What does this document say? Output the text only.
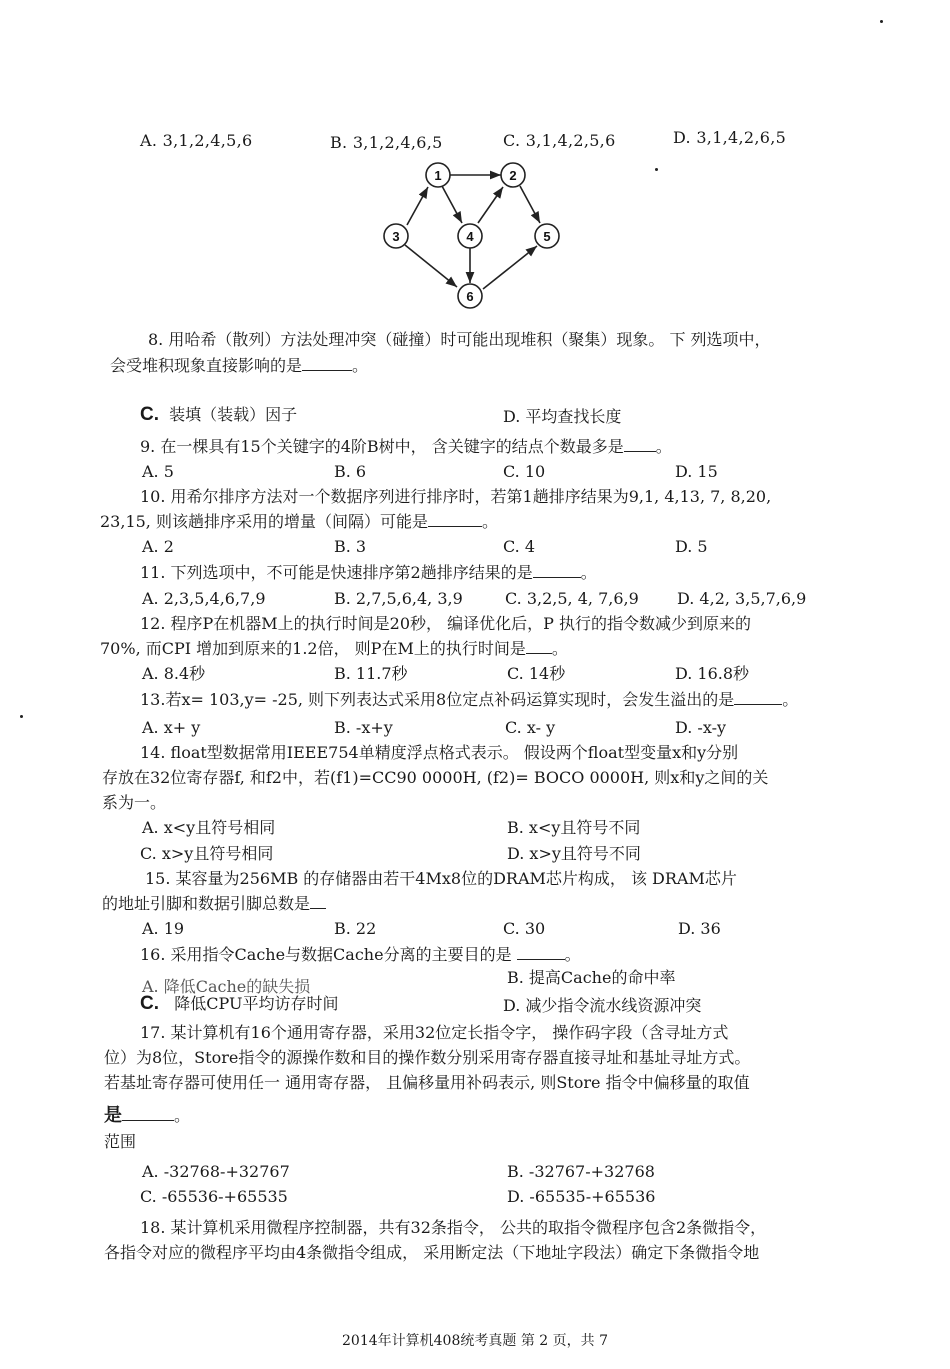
A. 3,1,2,4,5,6	B. 3,1,2,4,6,5	C. 3,1,4,2,5,6	D. 3,1,4,2,6,5
1	2
3	4	5
6
8. 用哈希（散列）方法处理冲突（碰撞）时可能出现堆积（聚集）现象。 下 列选项中，
会受堆积现象直接影响的是	。
C. 装填（装载）因子	D. 平均查找长度
9. 在一棵具有15个关键字的4阶B树中， 含关键字的结点个数最多是 。
A. 5	B. 6	C. 10	D. 15
10. 用希尔排序方法对一个数据序列进行排序时，若第1趟排序结果为9,1, 4,13, 7, 8,20,
23,15, 则该趟排序采用的增量（间隔）可能是	。
A. 2	B. 3	C. 4	D. 5
11. 下列选项中，不可能是快速排序第2趟排序结果的是	。
A. 2,3,5,4,6,7,9	B. 2,7,5,6,4, 3,9	C. 3,2,5, 4, 7,6,9 D. 4,2, 3,5,7,6,9
12. 程序P在机器M上的执行时间是20秒， 编译优化后，P 执行的指令数减少到原来的
70%, 而CPI 增加到原来的1.2倍， 则P在M上的执行时间是 。
A. 8.4秒	B. 11.7秒	C. 14秒	D. 16.8秒
13.若x= 103,y= -25, 则下列表达式采用8位定点补码运算实现时，会发生溢出的是	。
A. x+ y	B. -x+y	C. x- y	D. -x-y
14. float型数据常用IEEE754单精度浮点格式表示。 假设两个float型变量x和y分别
存放在32位寄存器f, 和f2中，若(f1)=CC90 0000H, (f2)= BOCO 0000H, 则x和y之间的关
系为一。
A. x<y且符号相同	B. x<y且符号不同
C. x>y且符号相同	D. x>y且符号不同
15. 某容量为256MB 的存储器由若干4Mx8位的DRAM芯片构成， 该 DRAM芯片
的地址引脚和数据引脚总数是
A. 19	B. 22	C. 30	D. 36
16. 采用指令Cache与数据Cache分离的主要目的是	。
A. 降低Cache的缺失损	B. 提高Cache的命中率
C. 降低CPU平均访存时间	D. 减少指令流水线资源冲突
17. 某计算机有16个通用寄存器，采用32位定长指令字， 操作码字段（含寻址方式
位）为8位，Store指令的源操作数和目的操作数分别采用寄存器直接寻址和基址寻址方式。
若基址寄存器可使用任一 通用寄存器， 且偏移量用补码表示, 则Store 指令中偏移量的取值
是	。
范围
A. -32768-+32767	B. -32767-+32768
C. -65536-+65535	D. -65535-+65536
18. 某计算机采用微程序控制器，共有32条指令， 公共的取指令微程序包含2条微指令，
各指令对应的微程序平均由4条微指令组成， 采用断定法（下地址字段法）确定下条微指令地
2014年计算机408统考真题 第 2 页，共 7
